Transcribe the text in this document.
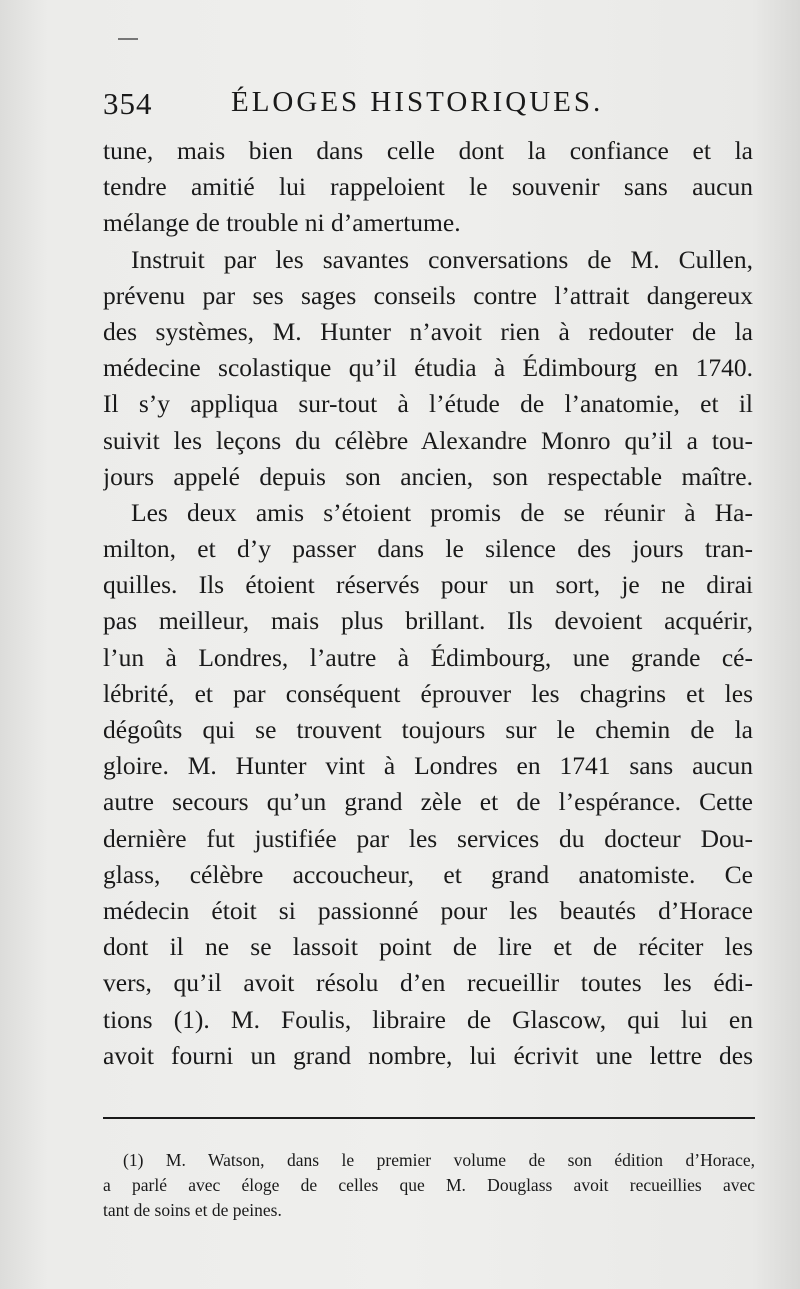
354	ÉLOGES HISTORIQUES.
tune, mais bien dans celle dont la confiance et la
tendre amitié lui rappeloient le souvenir sans aucun
mélange de trouble ni d’amertume.
Instruit par les savantes conversations de M. Cullen,
prévenu par ses sages conseils contre l’attrait dangereux
des systèmes, M. Hunter n’avoit rien à redouter de la
médecine scolastique qu’il étudia à Édimbourg en 1740.
Il s’y appliqua sur-tout à l’étude de l’anatomie, et il
suivit les leçons du célèbre Alexandre Monro qu’il a tou-
jours appelé depuis son ancien, son respectable maître.
Les deux amis s’étoient promis de se réunir à Ha-
milton, et d’y passer dans le silence des jours tran-
quilles. Ils étoient réservés pour un sort, je ne dirai
pas meilleur, mais plus brillant. Ils devoient acquérir,
l’un à Londres, l’autre à Édimbourg, une grande cé-
lébrité, et par conséquent éprouver les chagrins et les
dégoûts qui se trouvent toujours sur le chemin de la
gloire. M. Hunter vint à Londres en 1741 sans aucun
autre secours qu’un grand zèle et de l’espérance. Cette
dernière fut justifiée par les services du docteur Dou-
glass, célèbre accoucheur, et grand anatomiste. Ce
médecin étoit si passionné pour les beautés d’Horace
dont il ne se lassoit point de lire et de réciter les
vers, qu’il avoit résolu d’en recueillir toutes les édi-
tions (1). M. Foulis, libraire de Glascow, qui lui en
avoit fourni un grand nombre, lui écrivit une lettre des
(1) M. Watson, dans le premier volume de son édition d’Horace,
a parlé avec éloge de celles que M. Douglass avoit recueillies avec
tant de soins et de peines.
